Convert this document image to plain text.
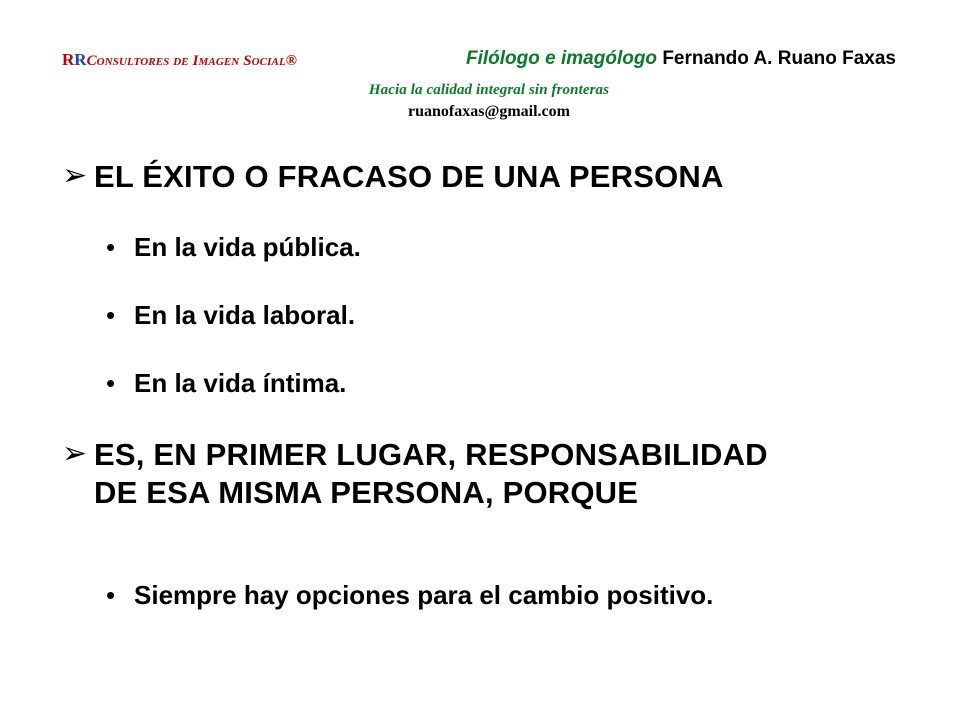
ЯRConsultores de Imagen Social®	Filólogo e imagólogo Fernando A. Ruano Faxas
Hacia la calidad integral sin fronteras
ruanofaxas@gmail.com
➢ EL ÉXITO O FRACASO DE UNA PERSONA
• En la vida pública.
• En la vida laboral.
• En la vida íntima.
➢ ES, EN PRIMER LUGAR, RESPONSABILIDAD
DE ESA MISMA PERSONA, PORQUE
• Siempre hay opciones para el cambio positivo.
